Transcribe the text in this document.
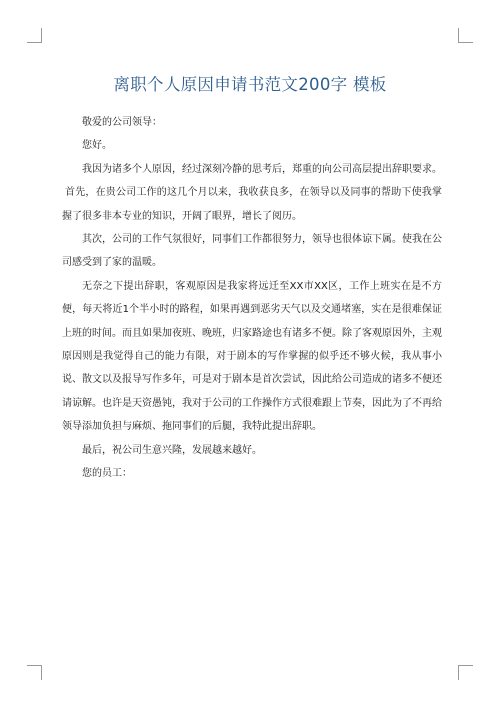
离职个人原因申请书范文200字 模板

敬爱的公司领导：

您好。

我因为诸多个人原因，经过深刻冷静的思考后，郑重的向公司高层提出辞职要求。

首先，在贵公司工作的这几个月以来，我收获良多，在领导以及同事的帮助下使我掌握了很多非本专业的知识，开阔了眼界，增长了阅历。

其次，公司的工作气氛很好，同事们工作都很努力，领导也很体谅下属。使我在公司感受到了家的温暖。

无奈之下提出辞职，客观原因是我家将远迁至XX市XX区，工作上班实在是不方便，每天将近1个半小时的路程，如果再遇到恶劣天气以及交通堵塞，实在是很难保证上班的时间。而且如果加夜班、晚班，归家路途也有诸多不便。除了客观原因外，主观原因则是我觉得自己的能力有限，对于剧本的写作掌握的似乎还不够火候，我从事小说、散文以及报导写作多年，可是对于剧本是首次尝试，因此给公司造成的诸多不便还请谅解。也许是天资愚钝，我对于公司的工作操作方式很难跟上节奏，因此为了不再给领导添加负担与麻烦、拖同事们的后腿，我特此提出辞职。

最后，祝公司生意兴隆，发展越来越好。

您的员工：
